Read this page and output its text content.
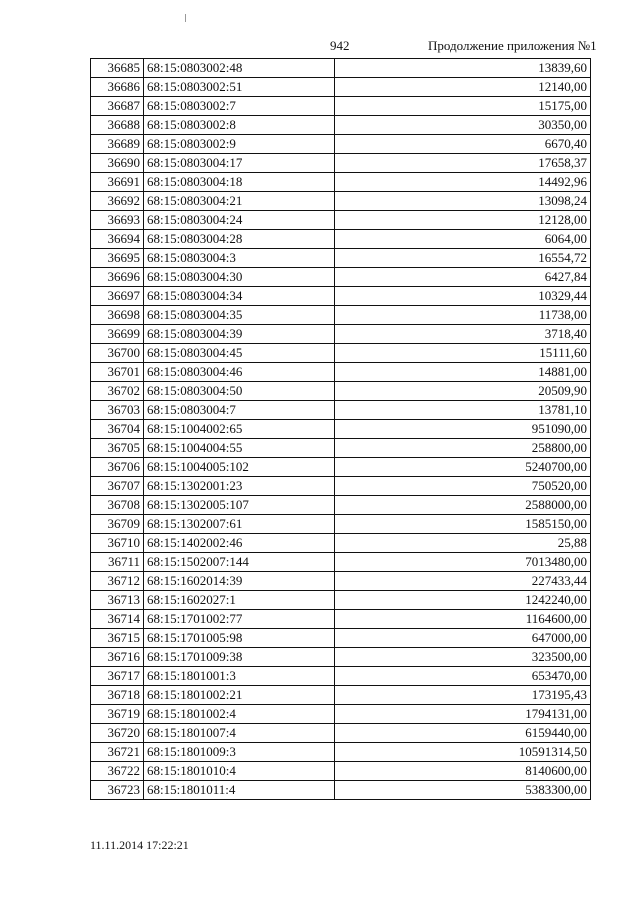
942	Продолжение приложения №1
36685	68:15:0803002:48	13839,60
36686	68:15:0803002:51	12140,00
36687	68:15:0803002:7	15175,00
36688	68:15:0803002:8	30350,00
36689	68:15:0803002:9	6670,40
36690	68:15:0803004:17	17658,37
36691	68:15:0803004:18	14492,96
36692	68:15:0803004:21	13098,24
36693	68:15:0803004:24	12128,00
36694	68:15:0803004:28	6064,00
36695	68:15:0803004:3	16554,72
36696	68:15:0803004:30	6427,84
36697	68:15:0803004:34	10329,44
36698	68:15:0803004:35	11738,00
36699	68:15:0803004:39	3718,40
36700	68:15:0803004:45	15111,60
36701	68:15:0803004:46	14881,00
36702	68:15:0803004:50	20509,90
36703	68:15:0803004:7	13781,10
36704	68:15:1004002:65	951090,00
36705	68:15:1004004:55	258800,00
36706	68:15:1004005:102	5240700,00
36707	68:15:1302001:23	750520,00
36708	68:15:1302005:107	2588000,00
36709	68:15:1302007:61	1585150,00
36710	68:15:1402002:46	25,88
36711	68:15:1502007:144	7013480,00
36712	68:15:1602014:39	227433,44
36713	68:15:1602027:1	1242240,00
36714	68:15:1701002:77	1164600,00
36715	68:15:1701005:98	647000,00
36716	68:15:1701009:38	323500,00
36717	68:15:1801001:3	653470,00
36718	68:15:1801002:21	173195,43
36719	68:15:1801002:4	1794131,00
36720	68:15:1801007:4	6159440,00
36721	68:15:1801009:3	10591314,50
36722	68:15:1801010:4	8140600,00
36723	68:15:1801011:4	5383300,00
11.11.2014 17:22:21
